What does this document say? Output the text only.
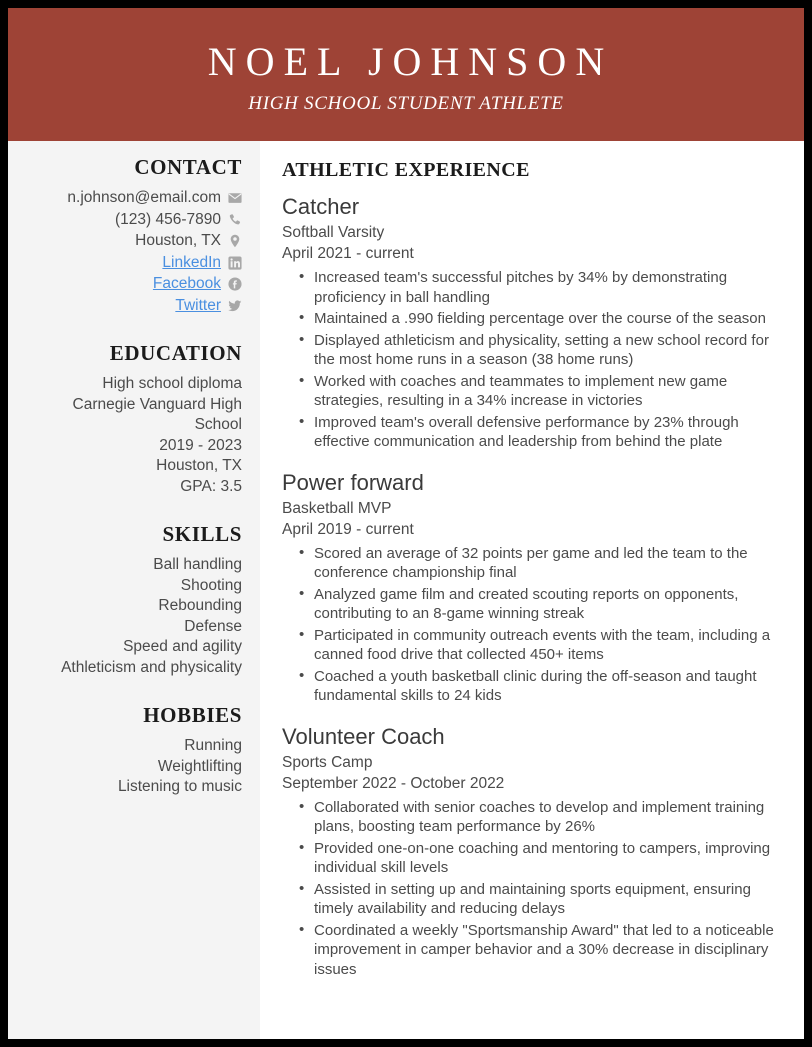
NOEL JOHNSON
HIGH SCHOOL STUDENT ATHLETE
CONTACT
n.johnson@email.com
(123) 456-7890
Houston, TX
LinkedIn
Facebook
Twitter
EDUCATION
High school diploma
Carnegie Vanguard High School
2019 - 2023
Houston, TX
GPA: 3.5
SKILLS
Ball handling
Shooting
Rebounding
Defense
Speed and agility
Athleticism and physicality
HOBBIES
Running
Weightlifting
Listening to music
ATHLETIC EXPERIENCE
Catcher
Softball Varsity
April 2021 - current
• Increased team's successful pitches by 34% by demonstrating proficiency in ball handling
• Maintained a .990 fielding percentage over the course of the season
• Displayed athleticism and physicality, setting a new school record for the most home runs in a season (38 home runs)
• Worked with coaches and teammates to implement new game strategies, resulting in a 34% increase in victories
• Improved team's overall defensive performance by 23% through effective communication and leadership from behind the plate
Power forward
Basketball MVP
April 2019 - current
• Scored an average of 32 points per game and led the team to the conference championship final
• Analyzed game film and created scouting reports on opponents, contributing to an 8-game winning streak
• Participated in community outreach events with the team, including a canned food drive that collected 450+ items
• Coached a youth basketball clinic during the off-season and taught fundamental skills to 24 kids
Volunteer Coach
Sports Camp
September 2022 - October 2022
• Collaborated with senior coaches to develop and implement training plans, boosting team performance by 26%
• Provided one-on-one coaching and mentoring to campers, improving individual skill levels
• Assisted in setting up and maintaining sports equipment, ensuring timely availability and reducing delays
• Coordinated a weekly "Sportsmanship Award" that led to a noticeable improvement in camper behavior and a 30% decrease in disciplinary issues
